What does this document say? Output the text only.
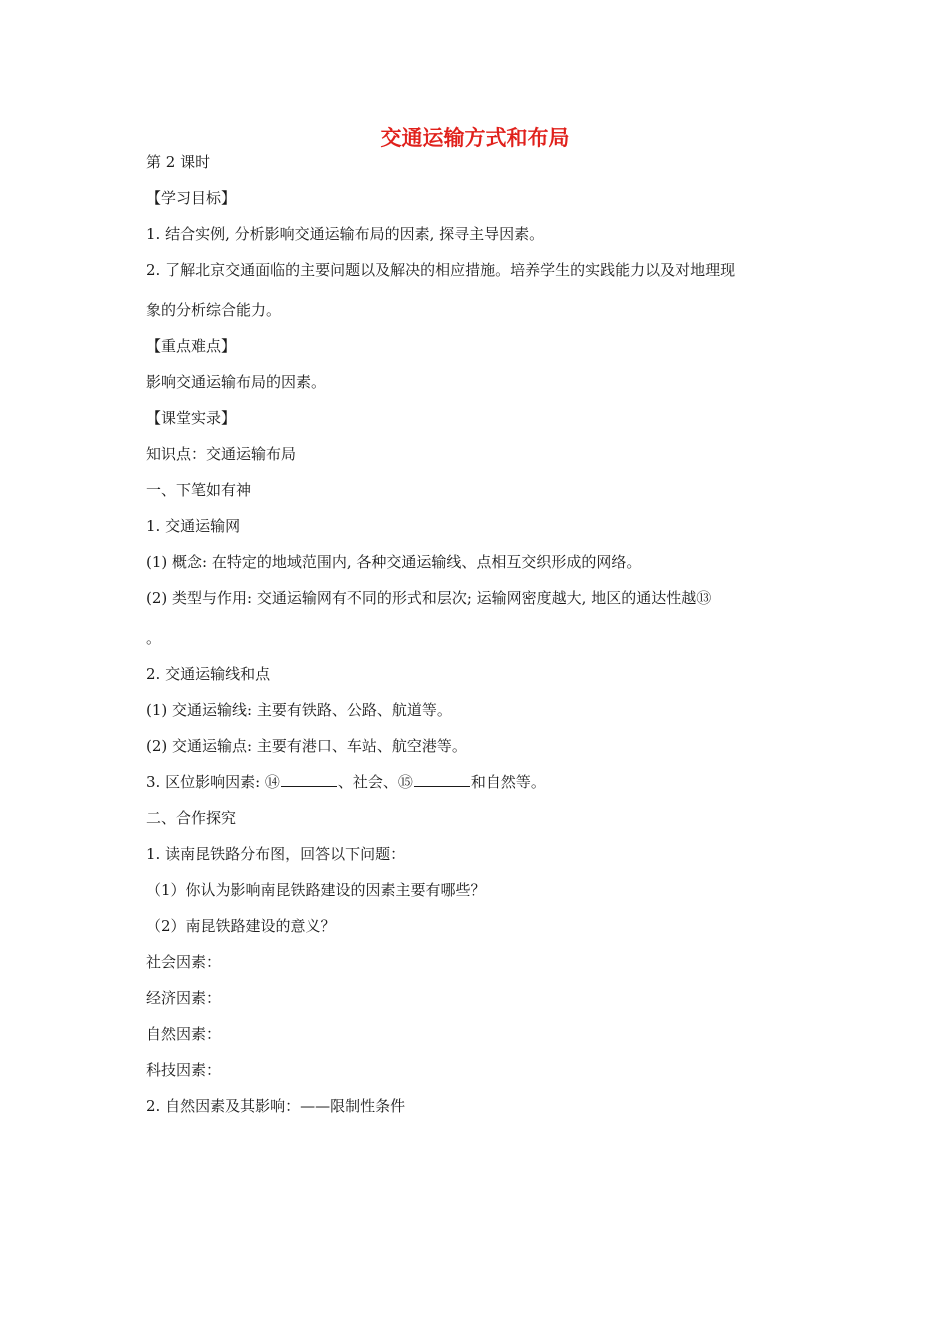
交通运输方式和布局
第 2 课时
【学习目标】
1. 结合实例, 分析影响交通运输布局的因素, 探寻主导因素。
2. 了解北京交通面临的主要问题以及解决的相应措施。培养学生的实践能力以及对地理现
象的分析综合能力。
【重点难点】
影响交通运输布局的因素。
【课堂实录】
知识点：交通运输布局
一、下笔如有神
1. 交通运输网
(1) 概念: 在特定的地域范围内, 各种交通运输线、点相互交织形成的网络。
(2) 类型与作用: 交通运输网有不同的形式和层次; 运输网密度越大, 地区的通达性越⑬
。
2. 交通运输线和点
(1) 交通运输线: 主要有铁路、公路、航道等。
(2) 交通运输点: 主要有港口、车站、航空港等。
3. 区位影响因素: ⑭	、社会、⑮	和自然等。
二、合作探究
1. 读南昆铁路分布图，回答以下问题：
（1）你认为影响南昆铁路建设的因素主要有哪些？
（2）南昆铁路建设的意义？
社会因素：
经济因素：
自然因素：
科技因素：
2. 自然因素及其影响：——限制性条件
